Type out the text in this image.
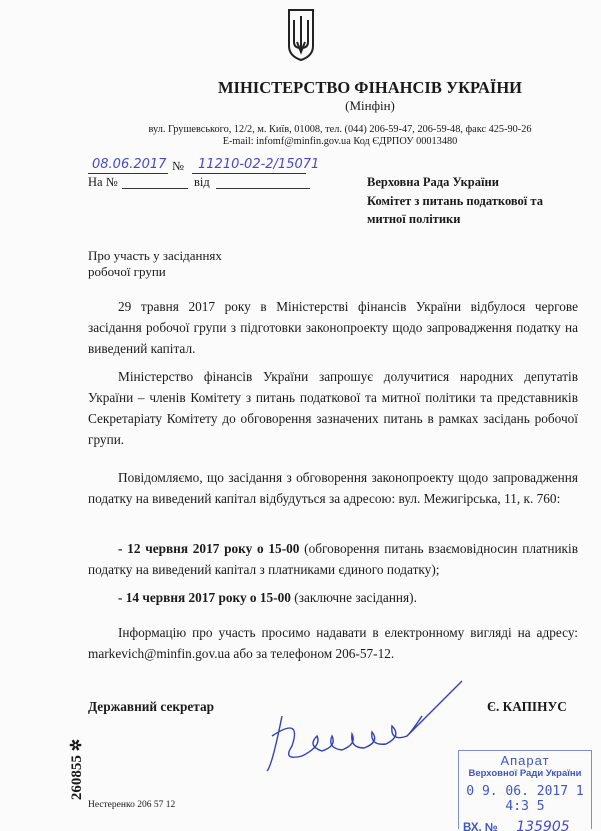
МІНІСТЕРСТВО ФІНАНСІВ УКРАЇНИ
(Мінфін)
вул. Грушевського, 12/2, м. Київ, 01008, тел. (044) 206-59-47, 206-59-48, факс 425-90-26
E-mail: infomf@minfin.gov.ua Код ЄДРПОУ 00013480
08.06.2017 № 11210-02-2/15071
На №	від	Верховна Рада України
Комітет з питань податкової та
митної політики
Про участь у засіданнях
робочої групи
29 травня 2017 року в Міністерстві фінансів України відбулося чергове засідання робочої групи з підготовки законопроекту щодо запровадження податку на виведений капітал.
Міністерство фінансів України запрошує долучитися народних депутатів України – членів Комітету з питань податкової та митної політики та представників Секретаріату Комітету до обговорення зазначених питань в рамках засідань робочої групи.
Повідомляємо, що засідання з обговорення законопроекту щодо запровадження податку на виведений капітал відбудуться за адресою: вул. Межигірська, 11, к. 760:
- 12 червня 2017 року о 15-00 (обговорення питань взаємовідносин платників податку на виведений капітал з платниками єдиного податку);
- 14 червня 2017 року о 15-00 (заключне засідання).
Інформацію про участь просимо надавати в електронному вигляді на адресу: markevich@minfin.gov.ua або за телефоном 206-57-12.
Державний секретар	Є. КАПІНУС
260855 ✲
Нестеренко 206 57 12
Апарат
Верховної Ради України
0 9. 06. 2017 1 4:3 5
ВХ. № 135905
